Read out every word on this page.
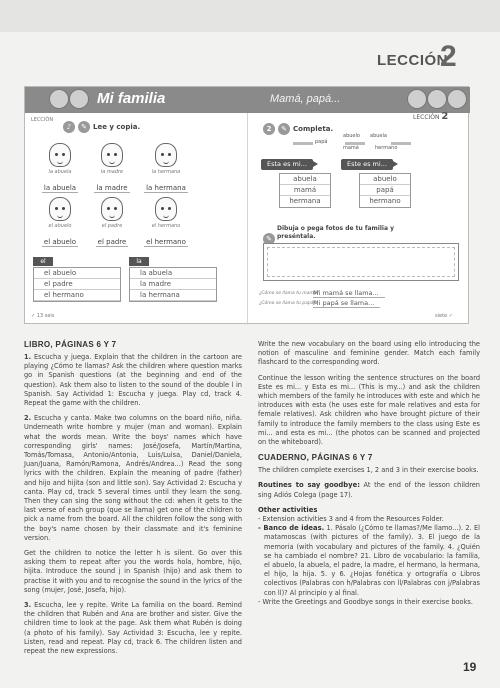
LECCIÓN
2
Mi familia	Mamá, papá...
LECCIÓN	LECCIÓN 2
♪	✎ Lee y copia.
la abuela
la abuela
la madre
la madre
la hermana
la hermana
el abuelo
el abuelo
el padre
el padre
el hermano
el hermano
el
el abuelo
el padre
el hermano
la
la abuela
la madre
la hermana
2	✎ Completa.
abuelo abuela
papá
mamá	hermano
Esta es mi...	Este es mi...
abuela
mamá
hermana
abuelo
papá
hermano
✎
Dibuja o pega fotos de tu familia y preséntala.
¿Cómo se llama tu mamá?
Mi mamá se llama...
¿Cómo se llama tu papá?
Mi papá se llama...
✓ 13 seis	siete ✓
LIBRO, PÁGINAS 6 Y 7
1. Escucha y juega. Explain that the children in the cartoon are playing ¿Cómo te llamas? Ask the children where question marks go in Spanish questions (at the beginning and end of the question). Ask them also to listen to the sound of the double l in Spanish. Say Actividad 1: Escucha y juega. Play cd, track 4. Repeat the game with the children.
2. Escucha y canta. Make two columns on the board niño, niña. Underneath write hombre y mujer (man and woman). Explain what the words mean. Write the boys' names which have corresponding girls' names: José/Josefa, Martín/Martina, Tomás/Tomasa, Antonio/Antonia, Luis/Luisa, Daniel/Daniela, Juan/Juana, Ramón/Ramona, Andrés/Andrea...) Read the song lyrics with the children. Explain the meaning of padre (father) and hijo and hijita (son and little son). Say Actividad 2: Escucha y canta. Play cd, track 5 several times until they learn the song. Then they can sing the song without the cd: when it gets to the last verse of each group (que se llama) get one of the children to pick a name from the board. All the children follow the song with the boy's name chosen by their classmate and it's feminine version.
Get the children to notice the letter h is silent. Go over this asking them to repeat after you the words hola, hombre, hijo, hijita. Introduce the sound j in Spanish (hijo) and ask them to practise it with you and to recognise the sound in the lyrics of the song (mujer, José, Josefa, hijo).
3. Escucha, lee y repite. Write La familia on the board. Remind the children that Rubén and Ana are brother and sister. Give the children time to look at the page. Ask them what Rubén is doing (a photo of his family). Say Actividad 3: Escucha, lee y repite. Listen, read and repeat. Play cd, track 6. The children listen and repeat the new expressions.
Write the new vocabulary on the board using ello introducing the notion of masculine and feminine gender. Match each family flashcard to the corresponding word.
Continue the lesson writing the sentence structures on the board Este es mi... y Esta es mi... (This is my...) and ask the children which members of the family he introduces with este and which he introduces with esta (he uses este for male relatives and esta for female relatives). Ask children who have brought picture of their family to introduce the family members to the class using Este es mi... and esta es mi... (the photos can be scanned and projected on the whiteboard).
CUADERNO, PÁGINAS 6 Y 7
The children complete exercises 1, 2 and 3 in their exercise books.
Routines to say goodbye: At the end of the lesson children sing Adiós Colega (page 17).
Other activities
- Extension activities 3 and 4 from the Resources Folder.
- Banco de ideas. 1. Pásalo (¿Cómo te llamas?/Me llamo...). 2. El matamoscas (with pictures of the family). 3. El juego de la memoria (with vocabulary and pictures of the family. 4. ¿Quién se ha cambiado el nombre? 21. Libro de vocabulario: la familia, el abuelo, la abuela, el padre, la madre, el hermano, la hermana, el hijo, la hija. 5. y 6. ¿Hojas fonética y ortografía o Libros colectivos (Palabras con h/Palabras con ll/Palabras con j/Palabras con ll)? Al principio y al final.
- Write the Greetings and Goodbye songs in their exercise books.
19
